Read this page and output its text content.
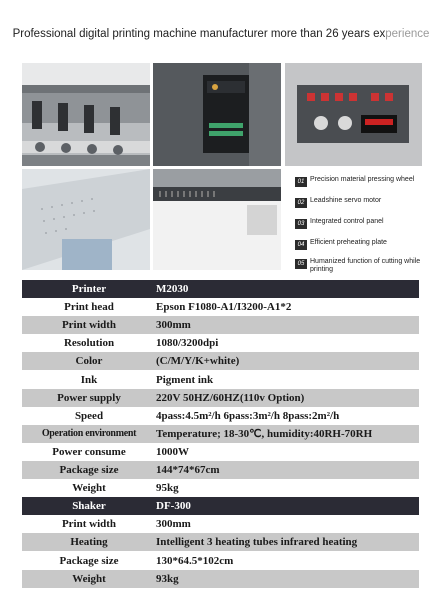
Professional digital printing machine manufacturer more than 26 years experience
01 Precision material pressing wheel
02 Leadshine servo motor
03 Integrated control panel
04 Efficient preheating plate
05 Humanized function of cutting while printing
Printer	M2030
Print head	Epson F1080-A1/I3200-A1*2
Print width	300mm
Resolution	1080/3200dpi
Color	(C/M/Y/K+white)
Ink	Pigment ink
Power supply	220V 50HZ/60HZ(110v Option)
Speed	4pass:4.5m²/h 6pass:3m²/h 8pass:2m²/h
Operation environment	Temperature; 18-30℃, humidity:40RH-70RH
Power consume	1000W
Package size	144*74*67cm
Weight	95kg
Shaker	DF-300
Print width	300mm
Heating	Intelligent 3 heating tubes infrared heating
Package size	130*64.5*102cm
Weight	93kg
